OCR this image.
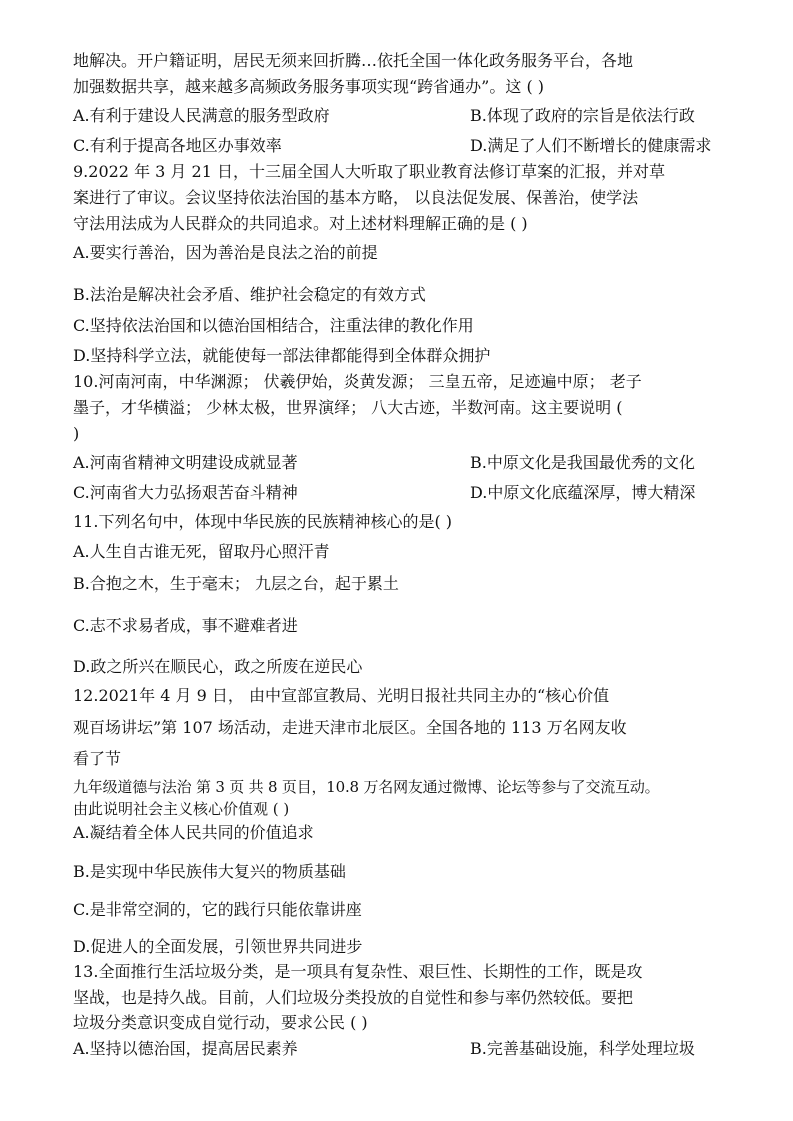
地解决。开户籍证明，居民无须来回折腾…依托全国一体化政务服务平台，各地
加强数据共享，越来越多高频政务服务事项实现“跨省通办”。这 ( )
A.有利于建设人民满意的服务型政府	B.体现了政府的宗旨是依法行政
C.有利于提高各地区办事效率	D.满足了人们不断增长的健康需求
9.2022 年 3 月 21 日，十三届全国人大听取了职业教育法修订草案的汇报，并对草
案进行了审议。会议坚持依法治国的基本方略， 以良法促发展、保善治，使学法
守法用法成为人民群众的共同追求。对上述材料理解正确的是 ( )
A.要实行善治，因为善治是良法之治的前提
B.法治是解决社会矛盾、维护社会稳定的有效方式
C.坚持依法治国和以德治国相结合，注重法律的教化作用
D.坚持科学立法，就能使每一部法律都能得到全体群众拥护
10.河南河南，中华渊源； 伏羲伊始，炎黄发源； 三皇五帝，足迹遍中原； 老子
墨子，才华横溢； 少林太极，世界演绎； 八大古迹，半数河南。这主要说明 (
)
A.河南省精神文明建设成就显著	B.中原文化是我国最优秀的文化
C.河南省大力弘扬艰苦奋斗精神	D.中原文化底蕴深厚，博大精深
11.下列名句中，体现中华民族的民族精神核心的是( )
A.人生自古谁无死，留取丹心照汗青
B.合抱之木，生于毫末； 九层之台，起于累土
C.志不求易者成，事不避难者进
D.政之所兴在顺民心，政之所废在逆民心
12.2021年 4 月 9 日， 由中宣部宣教局、光明日报社共同主办的“核心价值
观百场讲坛”第 107 场活动，走进天津市北辰区。全国各地的 113 万名网友收
看了节
九年级道德与法治 第 3 页 共 8 页目，10.8 万名网友通过微博、论坛等参与了交流互动。
由此说明社会主义核心价值观 ( )
A.凝结着全体人民共同的价值追求
B.是实现中华民族伟大复兴的物质基础
C.是非常空洞的，它的践行只能依靠讲座
D.促进人的全面发展，引领世界共同进步
13.全面推行生活垃圾分类，是一项具有复杂性、艰巨性、长期性的工作，既是攻
坚战，也是持久战。目前，人们垃圾分类投放的自觉性和参与率仍然较低。要把
垃圾分类意识变成自觉行动，要求公民 ( )
A.坚持以德治国，提高居民素养	B.完善基础设施，科学处理垃圾
